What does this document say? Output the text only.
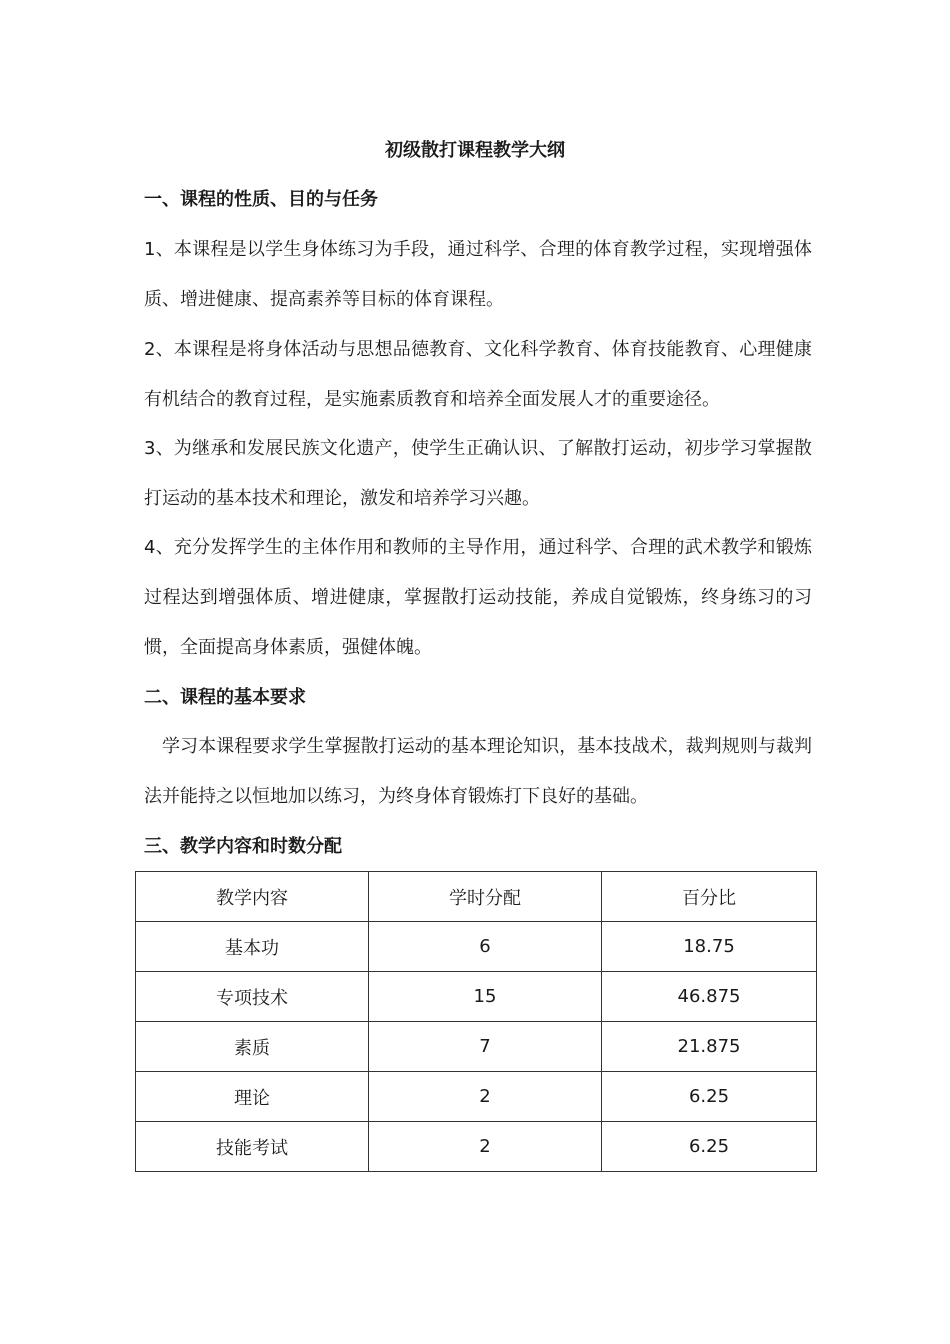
初级散打课程教学大纲
一、课程的性质、目的与任务

1、本课程是以学生身体练习为手段，通过科学、合理的体育教学过程，实现增强体质、增进健康、提高素养等目标的体育课程。

2、本课程是将身体活动与思想品德教育、文化科学教育、体育技能教育、心理健康有机结合的教育过程，是实施素质教育和培养全面发展人才的重要途径。

3、为继承和发展民族文化遗产，使学生正确认识、了解散打运动，初步学习掌握散打运动的基本技术和理论，激发和培养学习兴趣。

4、充分发挥学生的主体作用和教师的主导作用，通过科学、合理的武术教学和锻炼过程达到增强体质、增进健康，掌握散打运动技能，养成自觉锻炼，终身练习的习惯，全面提高身体素质，强健体魄。

二、课程的基本要求

学习本课程要求学生掌握散打运动的基本理论知识，基本技战术，裁判规则与裁判法并能持之以恒地加以练习，为终身体育锻炼打下良好的基础。

三、教学内容和时数分配
教学内容	学时分配	百分比
基本功	6	18.75
专项技术	15	46.875
素质	7	21.875
理论	2	6.25
技能考试	2	6.25
